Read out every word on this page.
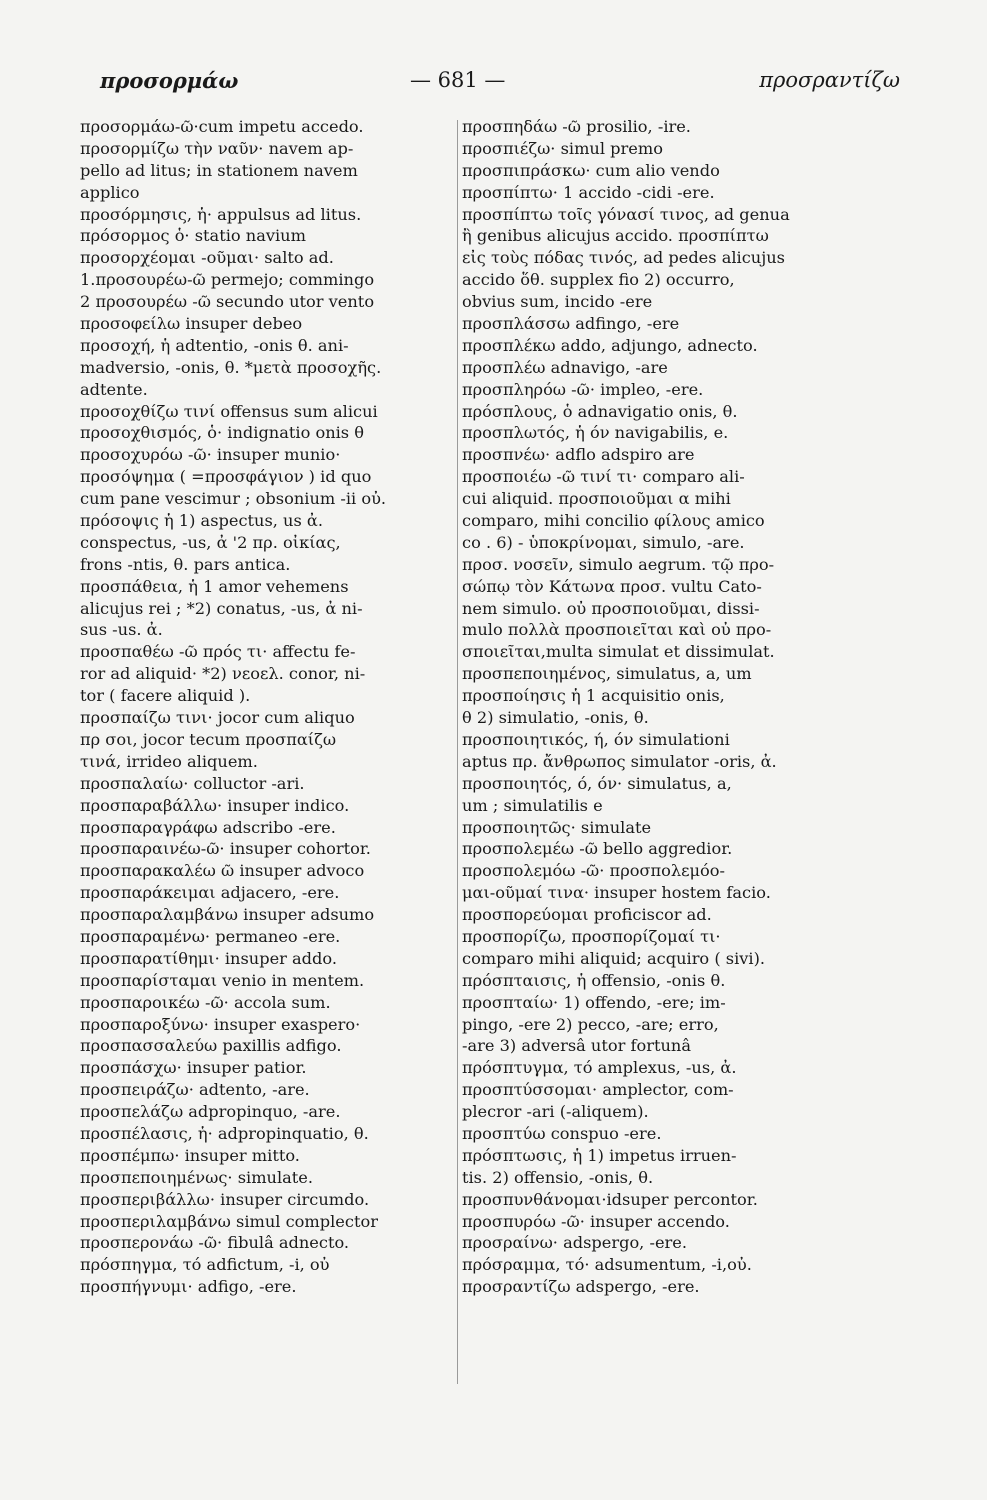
προσορμάω	— 681 —	προσραντίζω
προσορμάω-ῶ·cum impetu accedo.
προσορμίζω τὴν ναῦν· navem ap-
pello ad litus; in stationem navem
applico
προσόρμησις, ἡ· appulsus ad litus.
πρόσορμος ὁ· statio navium
προσορχέομαι -οῦμαι· salto ad.
1.προσουρέω-ῶ permejo; commingo
2 προσουρέω -ῶ secundo utor vento
προσοφείλω insuper debeo
προσοχή, ἡ adtentio, -onis θ. ani-
madversio, -onis, θ. *μετὰ προσοχῆς.
adtente.
προσοχθίζω τινί offensus sum alicui
προσοχθισμός, ὁ· indignatio onis θ
προσοχυρόω -ῶ· insuper munio·
προσόψημα ( =προσφάγιον ) id quo
cum pane vescimur ; obsonium -ii οὐ.
πρόσοψις ἡ 1) aspectus, us ἀ.
conspectus, -us, ἀ '2 πρ. οἰκίας,
frons -ntis, θ. pars antica.
προσπάθεια, ἡ 1 amor vehemens
alicujus rei ; *2) conatus, -us, ἀ ni-
sus -us. ἀ.
προσπαθέω -ῶ πρός τι· affectu fe-
ror ad aliquid· *2) νεοελ. conor, ni-
tor ( facere aliquid ).
προσπαίζω τινι· jocor cum aliquo
πρ σοι, jocor tecum προσπαίζω
τινά, irrideo aliquem.
προσπαλαίω· colluctor -ari.
προσπαραβάλλω· insuper indico.
προσπαραγράφω adscribo -ere.
προσπαραινέω-ῶ· insuper cohortor.
προσπαρακαλέω ῶ insuper advoco
προσπαράκειμαι adjacero, -ere.
προσπαραλαμβάνω insuper adsumo
προσπαραμένω· permaneo -ere.
προσπαρατίθημι· insuper addo.
προσπαρίσταμαι venio in mentem.
προσπαροικέω -ῶ· accola sum.
προσπαροξύνω· insuper exaspero·
προσπασσαλεύω paxillis adfigo.
προσπάσχω· insuper patior.
προσπειράζω· adtento, -are.
προσπελάζω adpropinquo, -are.
προσπέλασις, ἡ· adpropinquatio, θ.
προσπέμπω· insuper mitto.
προσπεποιημένως· simulate.
προσπεριβάλλω· insuper circumdo.
προσπεριλαμβάνω simul complector
προσπερονάω -ῶ· fibulâ adnecto.
πρόσπηγμα, τό adfictum, -i, οὐ
προσπήγνυμι· adfigo, -ere.
προσπηδάω -ῶ prosilio, -ire.
προσπιέζω· simul premo
προσπιπράσκω· cum alio vendo
προσπίπτω· 1 accido -cidi -ere.
προσπίπτω τοῖς γόνασί τινος, ad genua
ἢ genibus alicujus accido. προσπίπτω
εἰς τοὺς πόδας τινός, ad pedes alicujus
accido ὅθ. supplex fio 2) occurro,
obvius sum, incido -ere
προσπλάσσω adfingo, -ere
προσπλέκω addo, adjungo, adnecto.
προσπλέω adnavigo, -are
προσπληρόω -ῶ· impleo, -ere.
πρόσπλους, ὁ adnavigatio onis, θ.
προσπλωτός, ἡ όν navigabilis, e.
προσπνέω· adflo adspiro are
προσποιέω -ῶ τινί τι· comparo ali-
cui aliquid. προσποιοῦμαι α mihi
comparo, mihi concilio φίλους amico
co . 6) - ὑποκρίνομαι, simulo, -are.
προσ. νοσεῖν, simulo aegrum. τῷ προ-
σώπῳ τὸν Κάτωνα προσ. vultu Cato-
nem simulo. οὐ προσποιοῦμαι, dissi-
mulo πολλὰ προσποιεῖται καὶ οὐ προ-
σποιεῖται,multa simulat et dissimulat.
προσπεποιημένος, simulatus, a, um
προσποίησις ἡ 1 acquisitio onis,
θ 2) simulatio, -onis, θ.
προσποιητικός, ή, όν simulationi
aptus πρ. ἄνθρωπος simulator -oris, ἀ.
προσποιητός, ό, όν· simulatus, a,
um ; simulatilis e
προσποιητῶς· simulate
προσπολεμέω -ῶ bello aggredior.
προσπολεμόω -ῶ· προσπολεμόο-
μαι-οῦμαί τινα· insuper hostem facio.
προσπορεύομαι proficiscor ad.
προσπορίζω, προσπορίζομαί τι·
comparo mihi aliquid; acquiro ( sivi).
πρόσπταισις, ἡ offensio, -onis θ.
προσπταίω· 1) offendo, -ere; im-
pingo, -ere 2) pecco, -are; erro,
-are 3) adversâ utor fortunâ
πρόσπτυγμα, τό amplexus, -us, ἀ.
προσπτύσσομαι· amplector, com-
plecror -ari (-aliquem).
προσπτύω conspuo -ere.
πρόσπτωσις, ἡ 1) impetus irruen-
tis. 2) offensio, -onis, θ.
προσπυνθάνομαι·idsuper percontor.
προσπυρόω -ῶ· insuper accendo.
προσραίνω· adspergo, -ere.
πρόσραμμα, τό· adsumentum, -i,οὐ.
προσραντίζω adspergo, -ere.
